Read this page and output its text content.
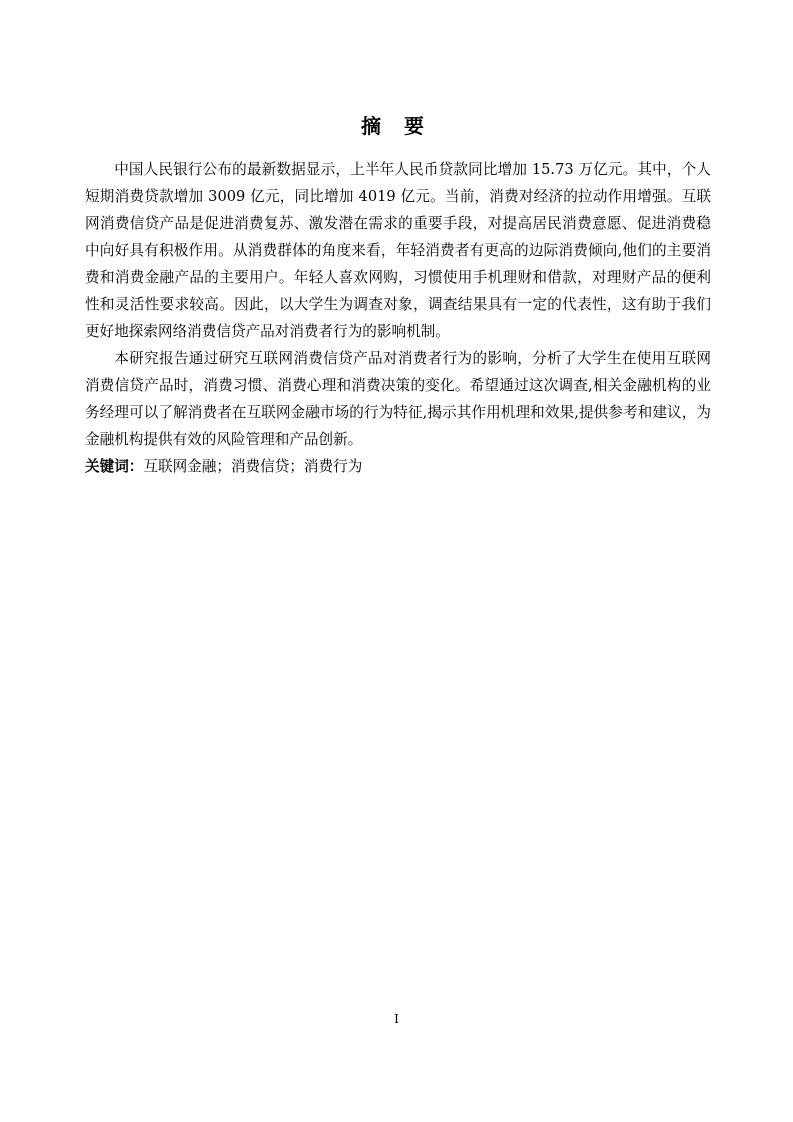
摘 要

中国人民银行公布的最新数据显示，上半年人民币贷款同比增加 15.73 万亿元。其中，个人短期消费贷款增加 3009 亿元，同比增加 4019 亿元。当前，消费对经济的拉动作用增强。互联网消费信贷产品是促进消费复苏、激发潜在需求的重要手段，对提高居民消费意愿、促进消费稳中向好具有积极作用。从消费群体的角度来看，年轻消费者有更高的边际消费倾向,他们的主要消费和消费金融产品的主要用户。年轻人喜欢网购，习惯使用手机理财和借款，对理财产品的便利性和灵活性要求较高。因此，以大学生为调查对象，调查结果具有一定的代表性，这有助于我们更好地探索网络消费信贷产品对消费者行为的影响机制。

本研究报告通过研究互联网消费信贷产品对消费者行为的影响，分析了大学生在使用互联网消费信贷产品时，消费习惯、消费心理和消费决策的变化。希望通过这次调查,相关金融机构的业务经理可以了解消费者在互联网金融市场的行为特征,揭示其作用机理和效果,提供参考和建议，为金融机构提供有效的风险管理和产品创新。

关键词：互联网金融；消费信贷；消费行为

I
